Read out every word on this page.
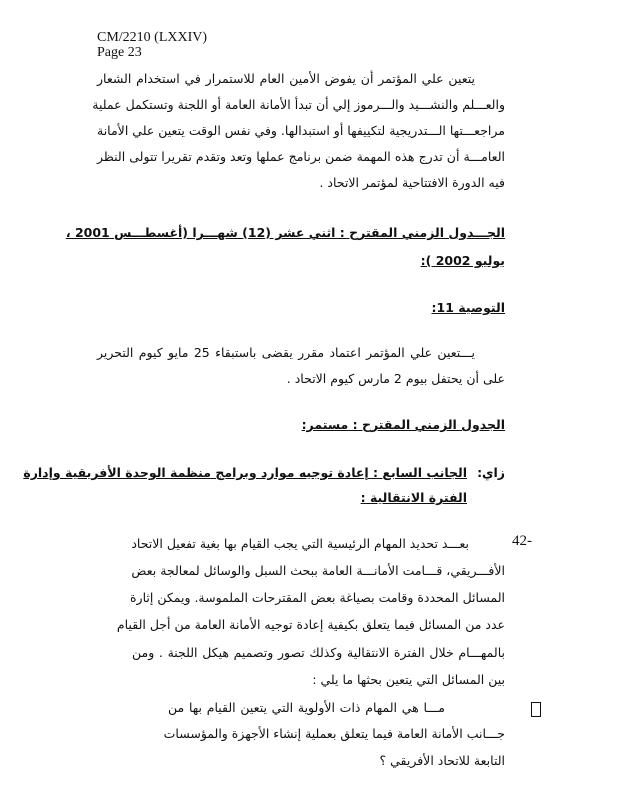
CM/2210 (LXXIV)
Page 23
يتعين علي المؤتمر أن يفوض الأمين العام للاستمرار في استخدام الشعار
والعـــلم والنشـــيد والـــرموز إلي أن تبدأ الأمانة العامة أو اللجنة وتستكمل عملية
مراجعـــتها الـــتدريجية لتكييفها أو استبدالها. وفي نفس الوقت يتعين علي الأمانة
العامـــة أن تدرج هذه المهمة ضمن برنامج عملها وتعد وتقدم تقريرا تتولى النظر
فيه الدورة الافتتاحية لمؤتمر الاتحاد .
الجـــدول الزمني المقترح : اثني عشر (12) شهـــرا (أغسطـــس 2001 ،
يوليو 2002 ):
التوصية 11:
يـــتعين علي المؤتمر اعتماد مقرر يقضى باستبقاء 25 مايو كيوم التحرير
على أن يحتفل بيوم 2 مارس كيوم الاتحاد .
الجدول الزمني المقترح : مستمر:
زاي:
الجانب السابع : إعادة توجيه موارد وبرامج منظمة الوحدة الأفريقية وإدارة
الفترة الانتقالية :
42-
بعـــد تحديد المهام الرئيسية التي يجب القيام بها بغية تفعيل الاتحاد
الأفـــريقي، قـــامت الأمانـــة العامة ببحث السبل والوسائل لمعالجة بعض
المسائل المحددة وقامت بصياغة بعض المقترحات الملموسة. ويمكن إثارة
عدد من المسائل فيما يتعلق بكيفية إعادة توجيه الأمانة العامة من أجل القيام
بالمهـــام خلال الفترة الانتقالية وكذلك تصور وتصميم هيكل اللجنة . ومن
بين المسائل التي يتعين بحثها ما يلي :
مـــا هي المهام ذات الأولوية التي يتعين القيام بها من
جـــانب الأمانة العامة فيما يتعلق بعملية إنشاء الأجهزة والمؤسسات
التابعة للاتحاد الأفريقي ؟
